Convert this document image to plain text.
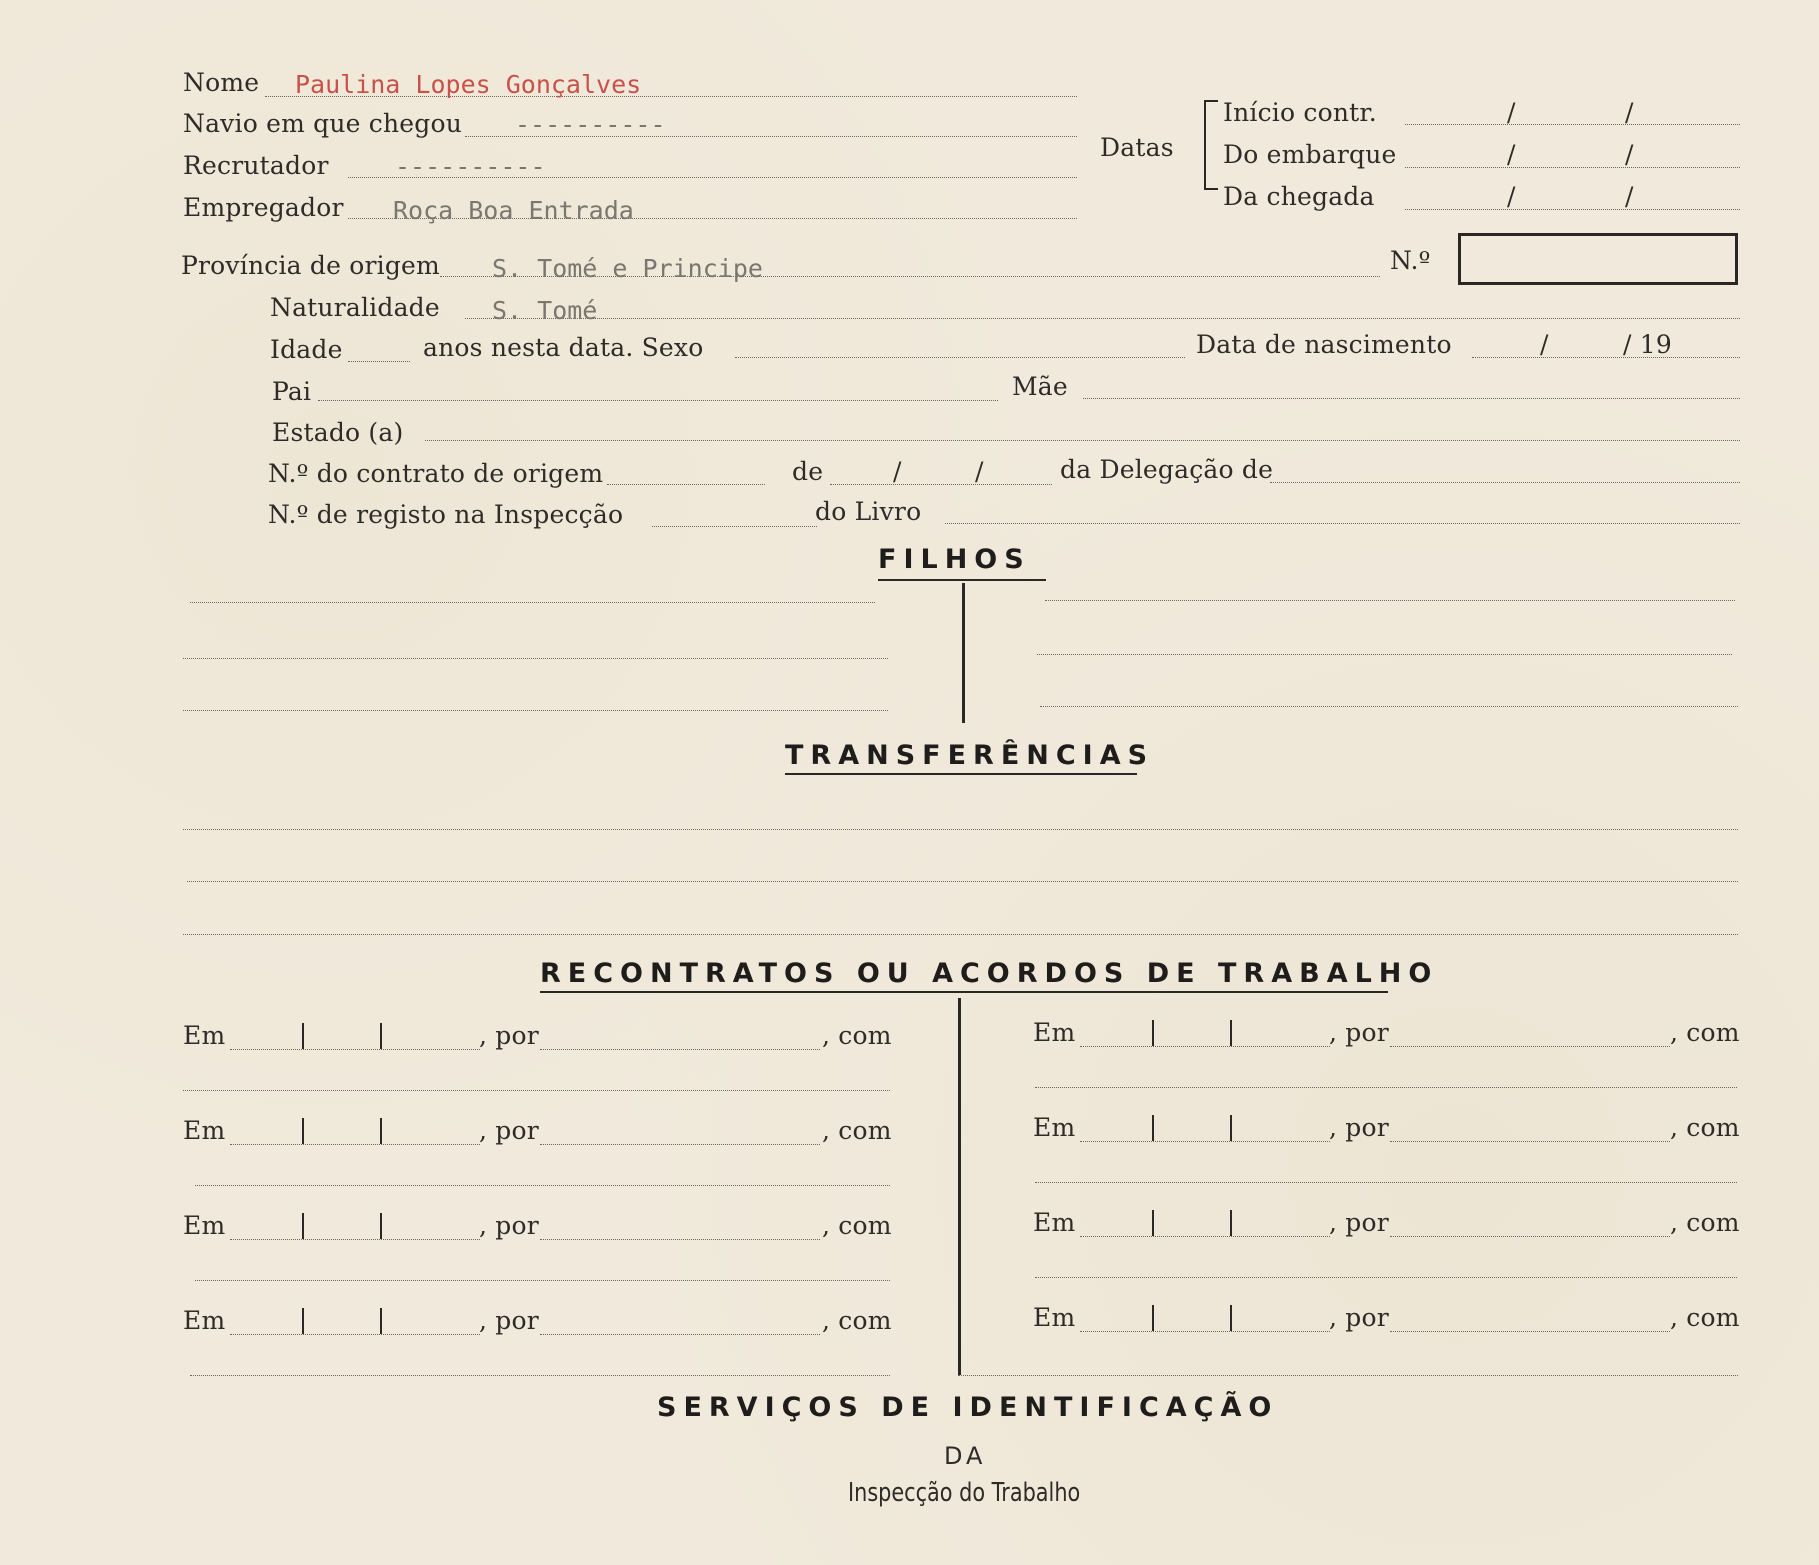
Nome Paulina Lopes Gonçalves
Navio em que chegou ----------
Recrutador	----------
Empregador Roça Boa Entrada
Datas
Início contr.	/	/
Do embarque	/	/
Da chegada	/	/
Província de origem S. Tomé e Principe	N.º
Naturalidade S. Tomé
Idade	anos nesta data. Sexo	Data de nascimento	/	/ 19
Pai	Mãe
Estado (a)
N.º do contrato de origem	de	/	/	da Delegação de
N.º de registo na Inspecção	do Livro
FILHOS
TRANSFERÊNCIAS
RECONTRATOS OU ACORDOS DE TRABALHO
Em	, por	, com
Em	, por	, com
Em	, por	, com
Em	, por	, com
Em	, por	, com
Em	, por	, com
Em	, por	, com
Em	, por	, com
SERVIÇOS DE IDENTIFICAÇÃO
DA
Inspecção do Trabalho
